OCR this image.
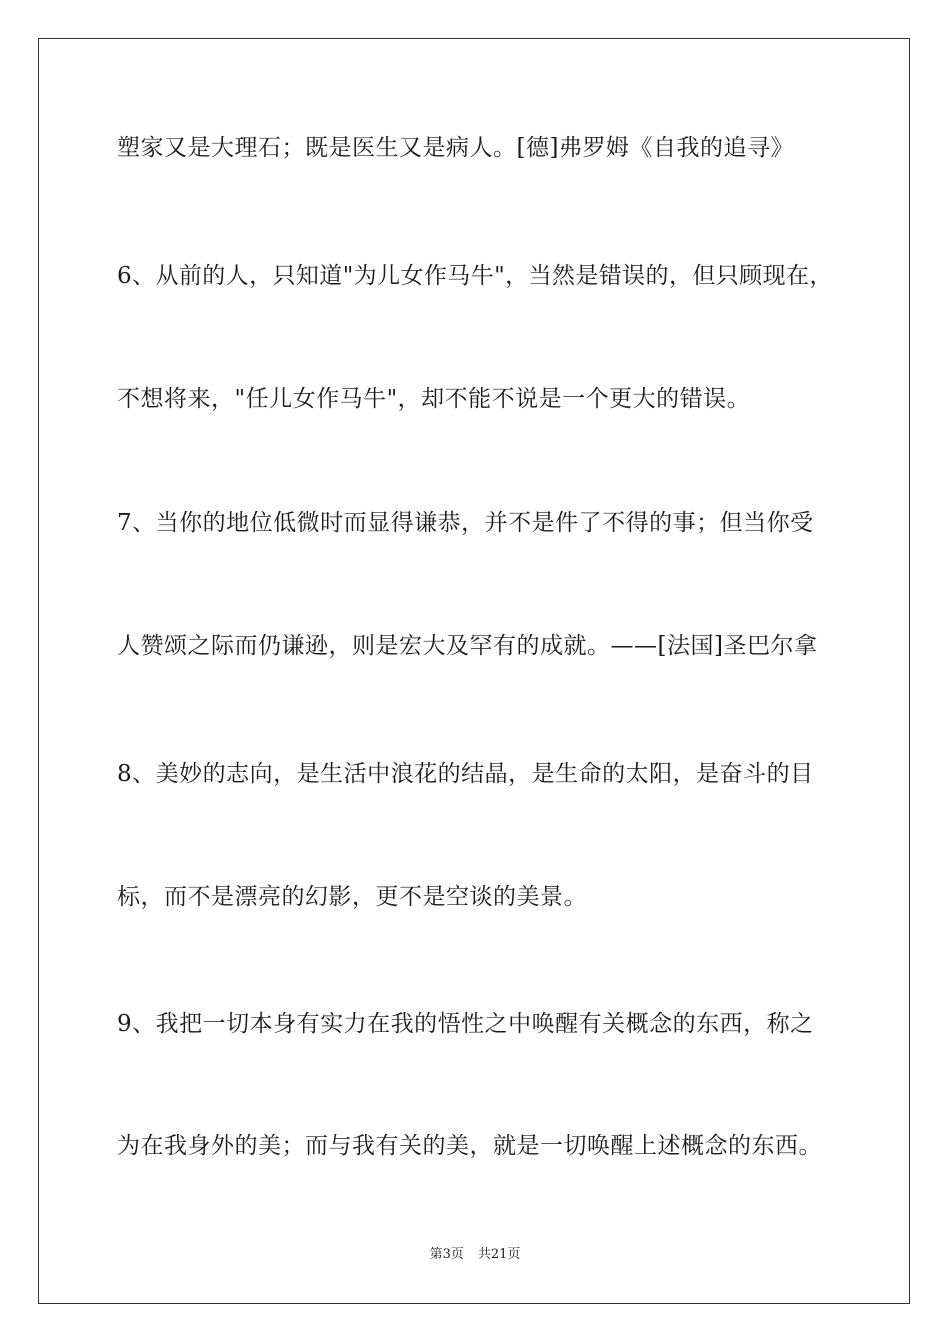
塑家又是大理石；既是医生又是病人。[德]弗罗姆《自我的追寻》
6、从前的人，只知道"为儿女作马牛"，当然是错误的，但只顾现在，
不想将来，"任儿女作马牛"，却不能不说是一个更大的错误。
7、当你的地位低微时而显得谦恭，并不是件了不得的事；但当你受
人赞颂之际而仍谦逊，则是宏大及罕有的成就。——[法国]圣巴尔拿
8、美妙的志向，是生活中浪花的结晶，是生命的太阳，是奋斗的目
标，而不是漂亮的幻影，更不是空谈的美景。
9、我把一切本身有实力在我的悟性之中唤醒有关概念的东西，称之
为在我身外的美；而与我有关的美，就是一切唤醒上述概念的东西。
第3页 共21页
